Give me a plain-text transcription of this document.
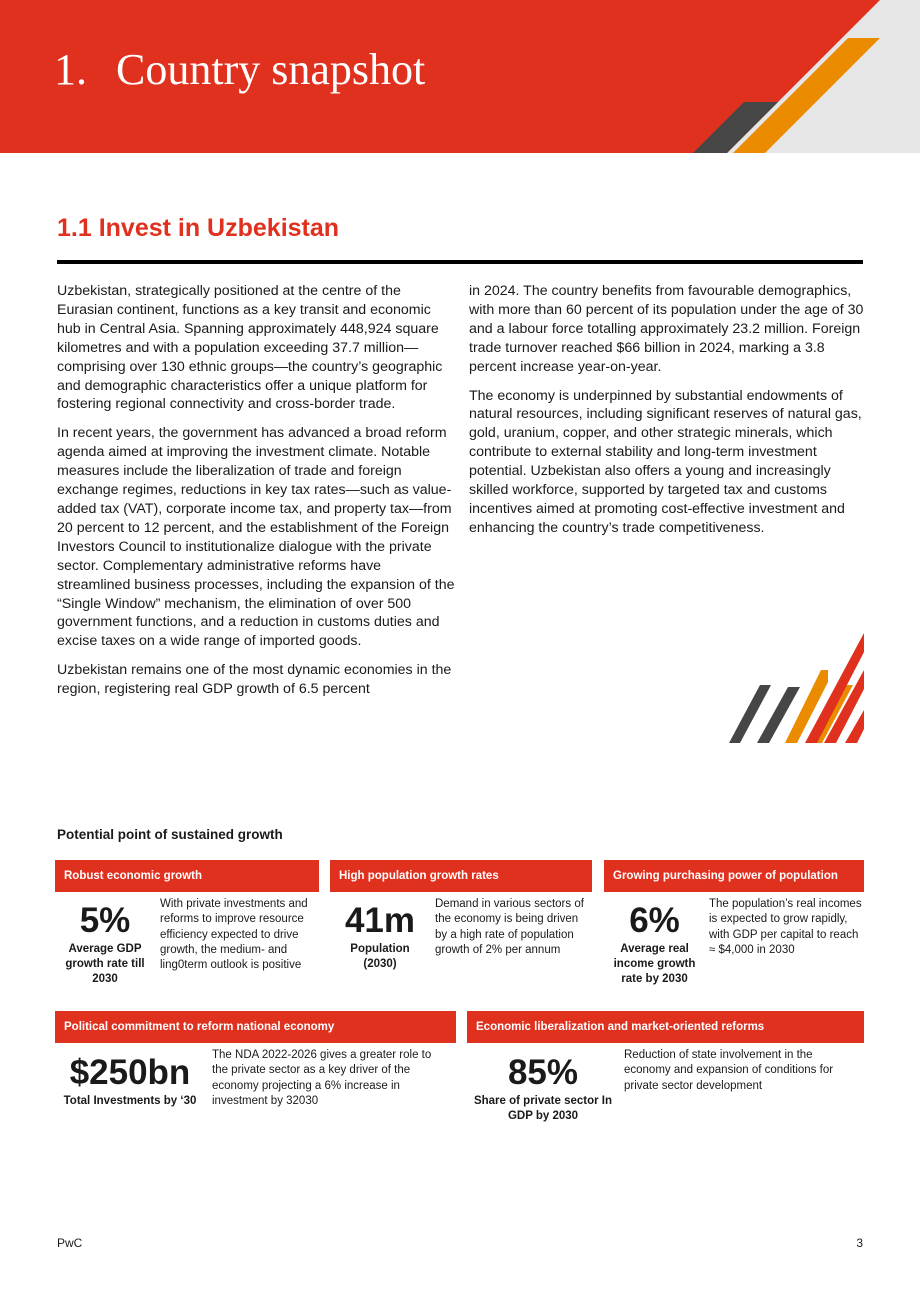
1. Country snapshot
1.1 Invest in Uzbekistan

Uzbekistan, strategically positioned at the centre of the Eurasian continent, functions as a key transit and economic hub in Central Asia. Spanning approximately 448,924 square kilometres and with a population exceeding 37.7 million—comprising over 130 ethnic groups—the country’s geographic and demographic characteristics offer a unique platform for fostering regional connectivity and cross-border trade.

In recent years, the government has advanced a broad reform agenda aimed at improving the investment climate. Notable measures include the liberalization of trade and foreign exchange regimes, reductions in key tax rates—such as value-added tax (VAT), corporate income tax, and property tax—from 20 percent to 12 percent, and the establishment of the Foreign Investors Council to institutionalize dialogue with the private sector. Complementary administrative reforms have streamlined business processes, including the expansion of the “Single Window” mechanism, the elimination of over 500 government functions, and a reduction in customs duties and excise taxes on a wide range of imported goods.

Uzbekistan remains one of the most dynamic economies in the region, registering real GDP growth of 6.5 percent

in 2024. The country benefits from favourable demographics, with more than 60 percent of its population under the age of 30 and a labour force totalling approximately 23.2 million. Foreign trade turnover reached $66 billion in 2024, marking a 3.8 percent increase year-on-year.

The economy is underpinned by substantial endowments of natural resources, including significant reserves of natural gas, gold, uranium, copper, and other strategic minerals, which contribute to external stability and long-term investment potential. Uzbekistan also offers a young and increasingly skilled workforce, supported by targeted tax and customs incentives aimed at promoting cost-effective investment and enhancing the country’s trade competitiveness.

Potential point of sustained growth
Robust economic growth
5%
Average GDP growth rate till 2030
With private investments and reforms to improve resource efficiency expected to drive growth, the medium- and ling0term outlook is positive
High population growth rates
41m
Population (2030)
Demand in various sectors of the economy is being driven by a high rate of population growth of 2% per annum
Growing purchasing power of population
6%
Average real income growth rate by 2030
The population’s real incomes is expected to grow rapidly, with GDP per capital to reach ≈ $4,000 in 2030
Political commitment to reform national economy
$250bn
Total Investments by ‘30
The NDA 2022-2026 gives a greater role to the private sector as a key driver of the economy projecting a 6% increase in investment by 32030
Economic liberalization and market-oriented reforms
85%
Share of private sector In GDP by 2030
Reduction of state involvement in the economy and expansion of conditions for private sector development
PwC	3
